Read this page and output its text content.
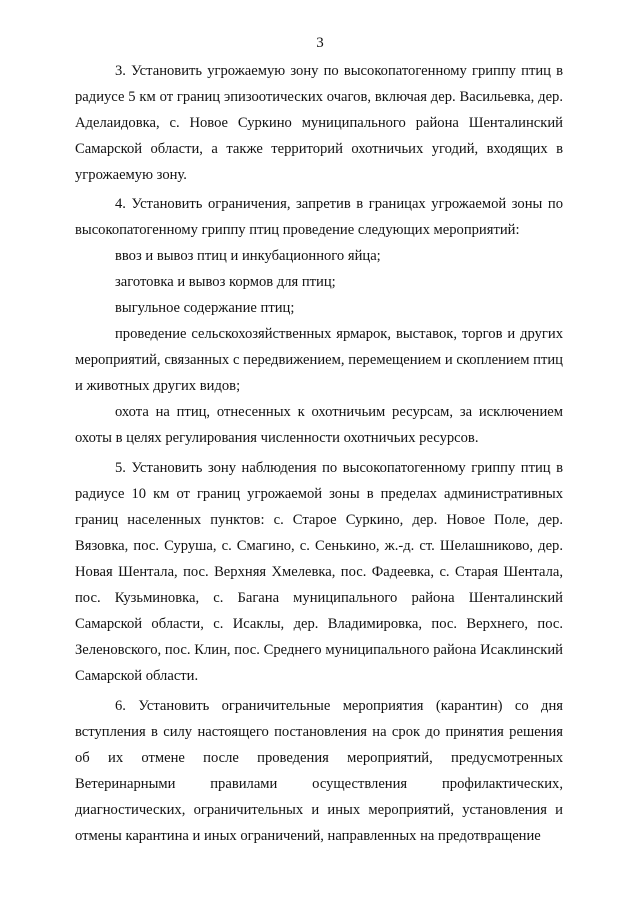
3

3. Установить угрожаемую зону по высокопатогенному гриппу птиц в радиусе 5 км от границ эпизоотических очагов, включая дер. Васильевка, дер. Аделаидовка, с. Новое Суркино муниципального района Шенталинский Самарской области, а также территорий охотничьих угодий, входящих в угрожаемую зону.

4. Установить ограничения, запретив в границах угрожаемой зоны по высокопатогенному гриппу птиц проведение следующих мероприятий:

ввоз и вывоз птиц и инкубационного яйца;

заготовка и вывоз кормов для птиц;

выгульное содержание птиц;

проведение сельскохозяйственных ярмарок, выставок, торгов и других мероприятий, связанных с передвижением, перемещением и скоплением птиц и животных других видов;

охота на птиц, отнесенных к охотничьим ресурсам, за исключением охоты в целях регулирования численности охотничьих ресурсов.

5. Установить зону наблюдения по высокопатогенному гриппу птиц в радиусе 10 км от границ угрожаемой зоны в пределах административных границ населенных пунктов: с. Старое Суркино, дер. Новое Поле, дер. Вязовка, пос. Суруша, с. Смагино, с. Сенькино, ж.-д. ст. Шелашниково, дер. Новая Шентала, пос. Верхняя Хмелевка, пос. Фадеевка, с. Старая Шентала, пос. Кузьминовка, с. Багана муниципального района Шенталинский Самарской области, с. Исаклы, дер. Владимировка, пос. Верхнего, пос. Зеленовского, пос. Клин, пос. Среднего муниципального района Исаклинский Самарской области.

6. Установить ограничительные мероприятия (карантин) со дня вступления в силу настоящего постановления на срок до принятия решения об их отмене после проведения мероприятий, предусмотренных Ветеринарными правилами осуществления профилактических, диагностических, ограничительных и иных мероприятий, установления и отмены карантина и иных ограничений, направленных на предотвращение
